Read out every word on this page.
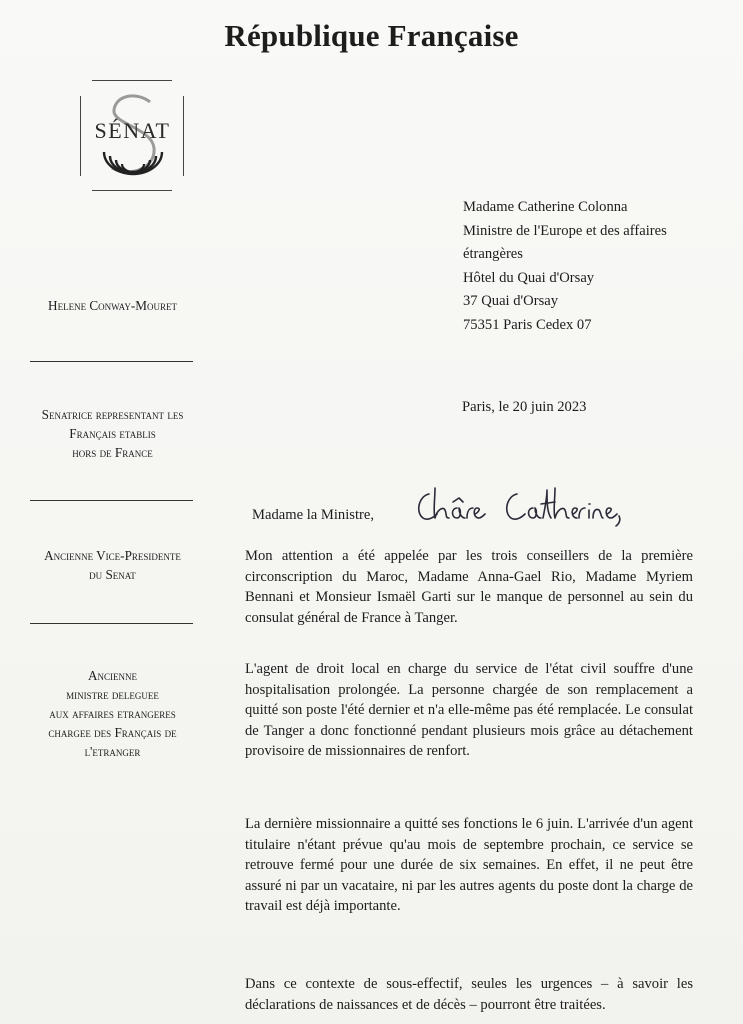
République Française
SÉNAT
Helene Conway-Mouret
Senatrice representant les
Français etablis
hors de France
Ancienne Vice-Presidente
du Senat
Ancienne
ministre deleguee
aux affaires etrangeres
chargee des Français de
l'etranger
Madame Catherine Colonna
Ministre de l'Europe et des affaires
étrangères
Hôtel du Quai d'Orsay
37 Quai d'Orsay
75351 Paris Cedex 07
Paris, le 20 juin 2023
Madame la Ministre,
Chère Catherine,

Mon attention a été appelée par les trois conseillers de la première circonscription du Maroc, Madame Anna-Gael Rio, Madame Myriem Bennani et Monsieur Ismaël Garti sur le manque de personnel au sein du consulat général de France à Tanger.

L'agent de droit local en charge du service de l'état civil souffre d'une hospitalisation prolongée. La personne chargée de son remplacement a quitté son poste l'été dernier et n'a elle-même pas été remplacée. Le consulat de Tanger a donc fonctionné pendant plusieurs mois grâce au détachement provisoire de missionnaires de renfort.

La dernière missionnaire a quitté ses fonctions le 6 juin. L'arrivée d'un agent titulaire n'étant prévue qu'au mois de septembre prochain, ce service se retrouve fermé pour une durée de six semaines. En effet, il ne peut être assuré ni par un vacataire, ni par les autres agents du poste dont la charge de travail est déjà importante.

Dans ce contexte de sous-effectif, seules les urgences – à savoir les déclarations de naissances et de décès – pourront être traitées.
